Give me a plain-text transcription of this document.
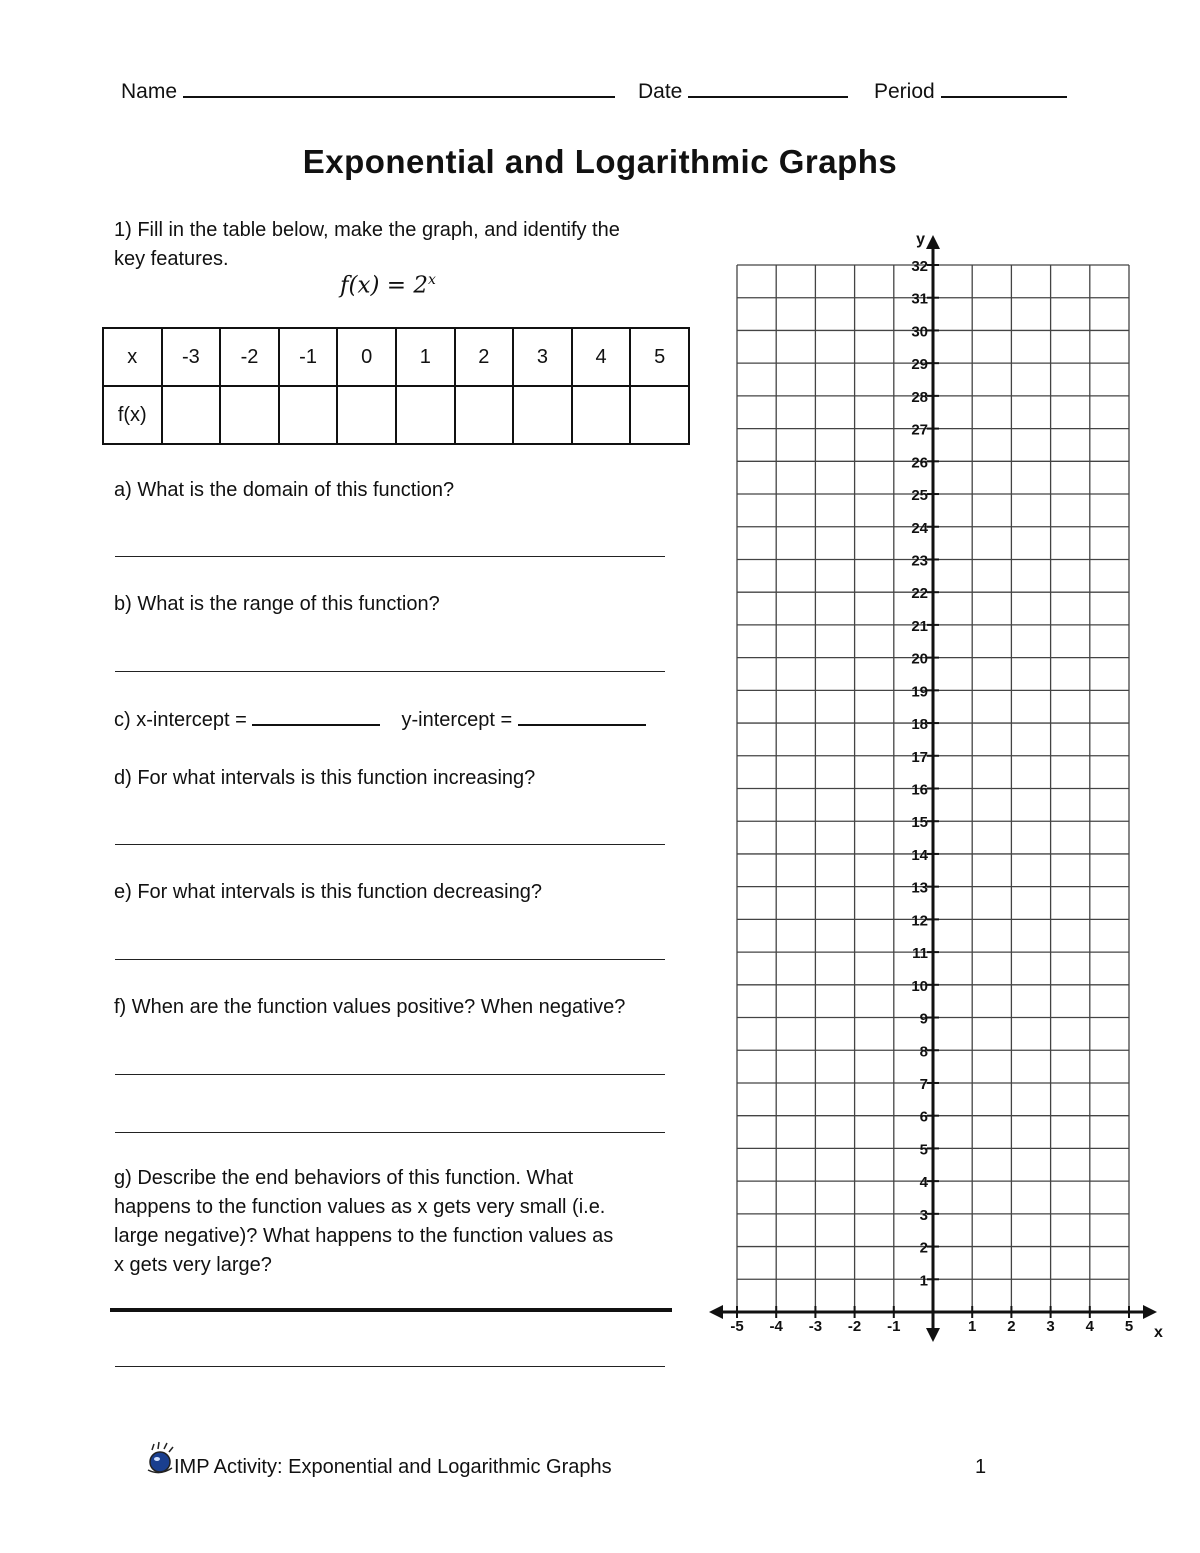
Name	Date	Period
Exponential and Logarithmic Graphs
1) Fill in the table below, make the graph, and identify the
key features.
$f(x) = 2^x$
x	-3	-2	-1	0	1	2	3	4	5
f(x)									
a) What is the domain of this function?
b) What is the range of this function?
c) x-intercept =	y-intercept =
d) For what intervals is this function increasing?
e) For what intervals is this function decreasing?
f) When are the function values positive? When negative?
g) Describe the end behaviors of this function. What
happens to the function values as x gets very small (i.e.
large negative)? What happens to the function values as
x gets very large?
1
2
3
4
5
6
7
8
9
10
11
12
13
14
15
16
17
18
19
20
21
22
23
24
25
26
27
28
29
30
31
32
-5 -4 -3 -2 -1	1 2 3 4 5 x
y
IMP Activity: Exponential and Logarithmic Graphs	1
